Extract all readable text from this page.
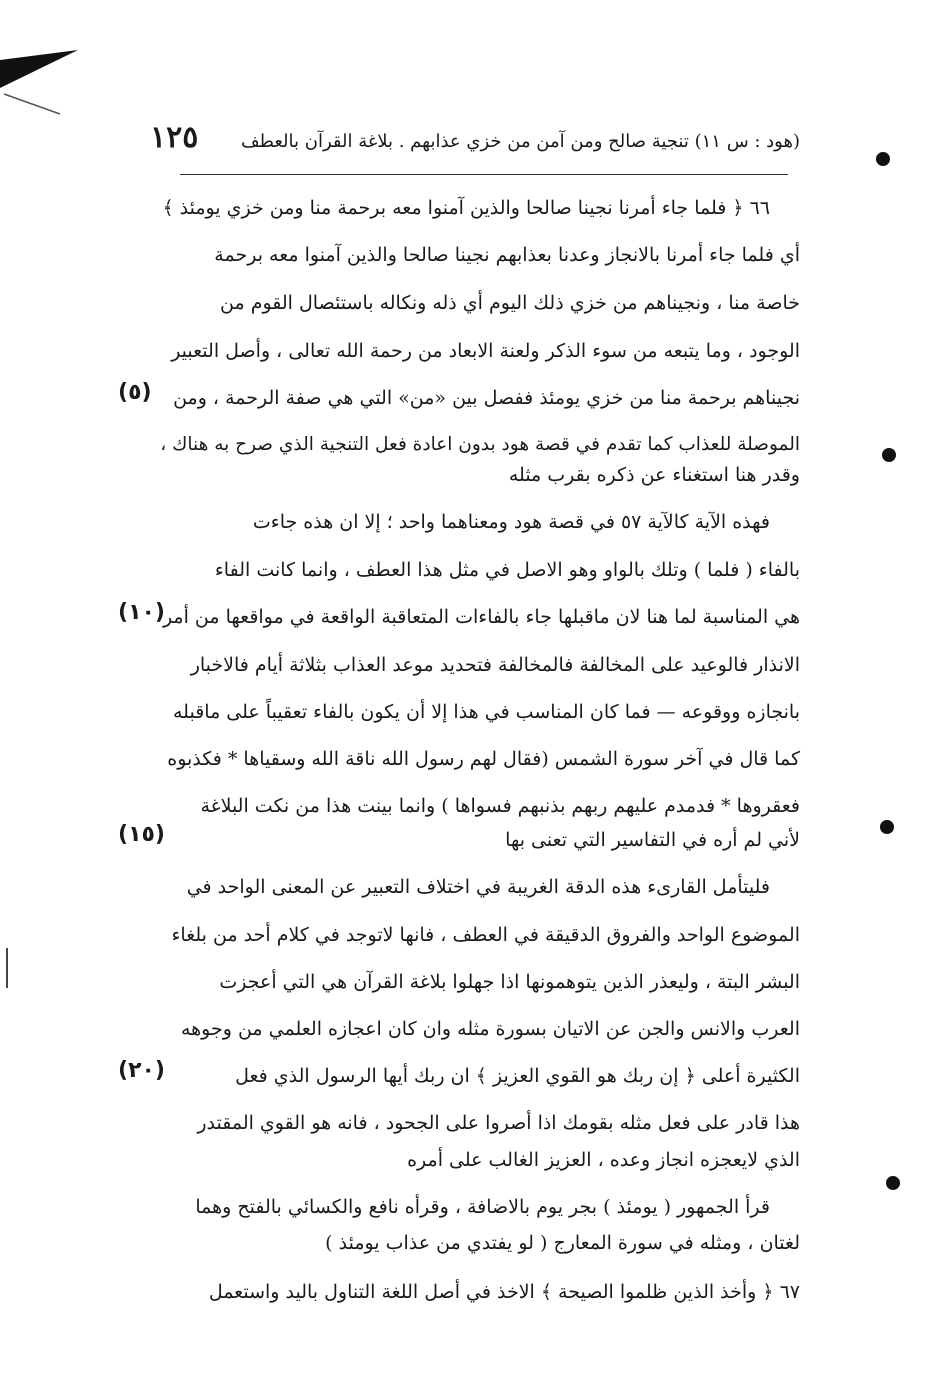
(هود : س ١١) تنجية صالح ومن آمن من خزي عذابهم . بلاغة القرآن بالعطف
١٢٥
٦٦ ﴿ فلما جاء أمرنا نجينا صالحا والذين آمنوا معه برحمة منا ومن خزي يومئذ ﴾
أي فلما جاء أمرنا بالانجاز وعدنا بعذابهم نجينا صالحا والذين آمنوا معه برحمة
خاصة منا ، ونجيناهم من خزي ذلك اليوم أي ذله ونكاله باستئصال القوم من
الوجود ، وما يتبعه من سوء الذكر ولعنة الابعاد من رحمة الله تعالى ، وأصل التعبير
نجيناهم برحمة منا من خزي يومئذ ففصل بين «من» التي هي صفة الرحمة ، ومن
الموصلة للعذاب كما تقدم في قصة هود بدون اعادة فعل التنجية الذي صرح به هناك ،
وقدر هنا استغناء عن ذكره بقرب مثله
فهذه الآية كالآية ٥٧ في قصة هود ومعناهما واحد ؛ إلا ان هذه جاءت
بالفاء ( فلما ) وتلك بالواو وهو الاصل في مثل هذا العطف ، وانما كانت الفاء
هي المناسبة لما هنا لان ماقبلها جاء بالفاءات المتعاقبة الواقعة في مواقعها من أمر
الانذار فالوعيد على المخالفة فالمخالفة فتحديد موعد العذاب بثلاثة أيام فالاخبار
بانجازه ووقوعه — فما كان المناسب في هذا إلا أن يكون بالفاء تعقيباً على ماقبله
كما قال في آخر سورة الشمس (فقال لهم رسول الله ناقة الله وسقياها * فكذبوه
فعقروها * فدمدم عليهم ربهم بذنبهم فسواها ) وانما بينت هذا من نكت البلاغة
لأني لم أره في التفاسير التي تعنى بها
فليتأمل القارىء هذه الدقة الغريبة في اختلاف التعبير عن المعنى الواحد في
الموضوع الواحد والفروق الدقيقة في العطف ، فانها لاتوجد في كلام أحد من بلغاء
البشر البتة ، وليعذر الذين يتوهمونها اذا جهلوا بلاغة القرآن هي التي أعجزت
العرب والانس والجن عن الاتيان بسورة مثله وان كان اعجازه العلمي من وجوهه
الكثيرة أعلى ﴿ إن ربك هو القوي العزيز ﴾ ان ربك أيها الرسول الذي فعل
هذا قادر على فعل مثله بقومك اذا أصروا على الجحود ، فانه هو القوي المقتدر
الذي لايعجزه انجاز وعده ، العزيز الغالب على أمره
قرأ الجمهور ( يومئذ ) بجر يوم بالاضافة ، وقرأه نافع والكسائي بالفتح وهما
لغتان ، ومثله في سورة المعارج ( لو يفتدي من عذاب يومئذ )
٦٧ ﴿ وأخذ الذين ظلموا الصيحة ﴾ الاخذ في أصل اللغة التناول باليد واستعمل
(٥)
(١٠)
(١٥)
(٢٠)
